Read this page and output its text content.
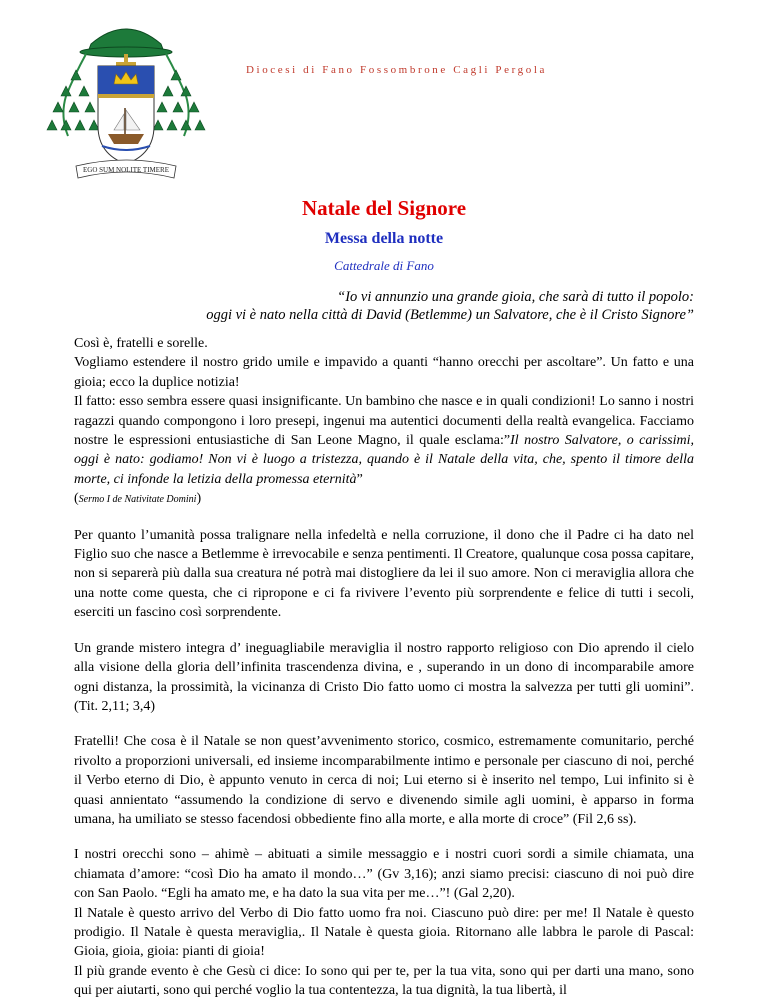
EGO SUM NOLITE TIMERE
Diocesi di Fano Fossombrone Cagli Pergola
Natale del Signore
Messa della notte
Cattedrale di Fano
“Io vi annunzio una grande gioia, che sarà di tutto il popolo:
oggi vi è nato nella città di David (Betlemme) un Salvatore, che è il Cristo Signore”

Così è, fratelli e sorelle.

Vogliamo estendere il nostro grido umile e impavido a quanti “hanno orecchi per ascoltare”. Un fatto e una gioia; ecco la duplice notizia!

Il fatto: esso sembra essere quasi insignificante. Un bambino che nasce e in quali condizioni! Lo sanno i nostri ragazzi quando compongono i loro presepi, ingenui ma autentici documenti della realtà evangelica. Facciamo nostre le espressioni entusiastiche di San Leone Magno, il quale esclama:”Il nostro Salvatore, o carissimi, oggi è nato: godiamo! Non vi è luogo a tristezza, quando è il Natale della vita, che, spento il timore della morte, ci infonde la letizia della promessa eternità”
(Sermo I de Nativitate Domini)

Per quanto l’umanità possa tralignare nella infedeltà e nella corruzione, il dono che il Padre ci ha dato nel Figlio suo che nasce a Betlemme è irrevocabile e senza pentimenti. Il Creatore, qualunque cosa possa capitare, non si separerà più dalla sua creatura né potrà mai distogliere da lei il suo amore. Non ci meraviglia allora che una notte come questa, che ci ripropone e ci fa rivivere l’evento più sorprendente e felice di tutti i secoli, eserciti un fascino così sorprendente.

Un grande mistero integra d’ ineguagliabile meraviglia il nostro rapporto religioso con Dio aprendo il cielo alla visione della gloria dell’infinita trascendenza divina, e , superando in un dono di incomparabile amore ogni distanza, la prossimità, la vicinanza di Cristo Dio fatto uomo ci mostra la salvezza per tutti gli uomini”.(Tit. 2,11; 3,4)

Fratelli! Che cosa è il Natale se non quest’avvenimento storico, cosmico, estremamente comunitario, perché rivolto a proporzioni universali, ed insieme incomparabilmente intimo e personale per ciascuno di noi, perché il Verbo eterno di Dio, è appunto venuto in cerca di noi; Lui eterno si è inserito nel tempo, Lui infinito si è quasi annientato “assumendo la condizione di servo e divenendo simile agli uomini, è apparso in forma umana, ha umiliato se stesso facendosi obbediente fino alla morte, e alla morte di croce” (Fil 2,6 ss).

I nostri orecchi sono – ahimè – abituati a simile messaggio e i nostri cuori sordi a simile chiamata, una chiamata d’amore: “così Dio ha amato il mondo…” (Gv 3,16); anzi siamo precisi: ciascuno di noi può dire con San Paolo. “Egli ha amato me, e ha dato la sua vita per me…”! (Gal 2,20).

Il Natale è questo arrivo del Verbo di Dio fatto uomo fra noi. Ciascuno può dire: per me! Il Natale è questo prodigio. Il Natale è questa meraviglia,. Il Natale è questa gioia. Ritornano alle labbra le parole di Pascal: Gioia, gioia, gioia: pianti di gioia!

Il più grande evento è che Gesù ci dice: Io sono qui per te, per la tua vita, sono qui per darti una mano, sono qui per aiutarti, sono qui perché voglio la tua contentezza, la tua dignità, la tua libertà, il
